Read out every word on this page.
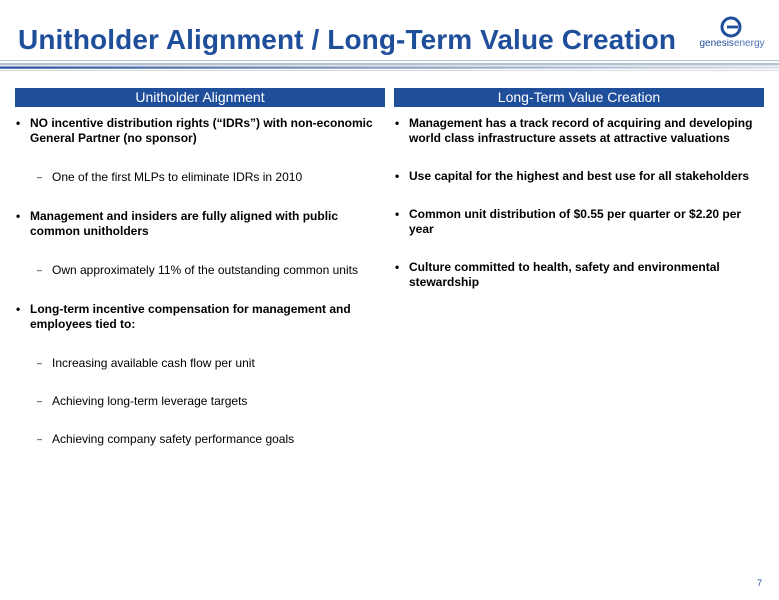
Unitholder Alignment / Long-Term Value Creation	genesisenergy
Unitholder Alignment	Long-Term Value Creation
• NO incentive distribution rights (“IDRs”) with non-economic General Partner (no sponsor)
– One of the first MLPs to eliminate IDRs in 2010
• Management and insiders are fully aligned with public common unitholders
– Own approximately 11% of the outstanding common units
• Long-term incentive compensation for management and employees tied to:
– Increasing available cash flow per unit
– Achieving long-term leverage targets
– Achieving company safety performance goals
• Management has a track record of acquiring and developing world class infrastructure assets at attractive valuations
• Use capital for the highest and best use for all stakeholders
• Common unit distribution of $0.55 per quarter or $2.20 per year
• Culture committed to health, safety and environmental stewardship
7
